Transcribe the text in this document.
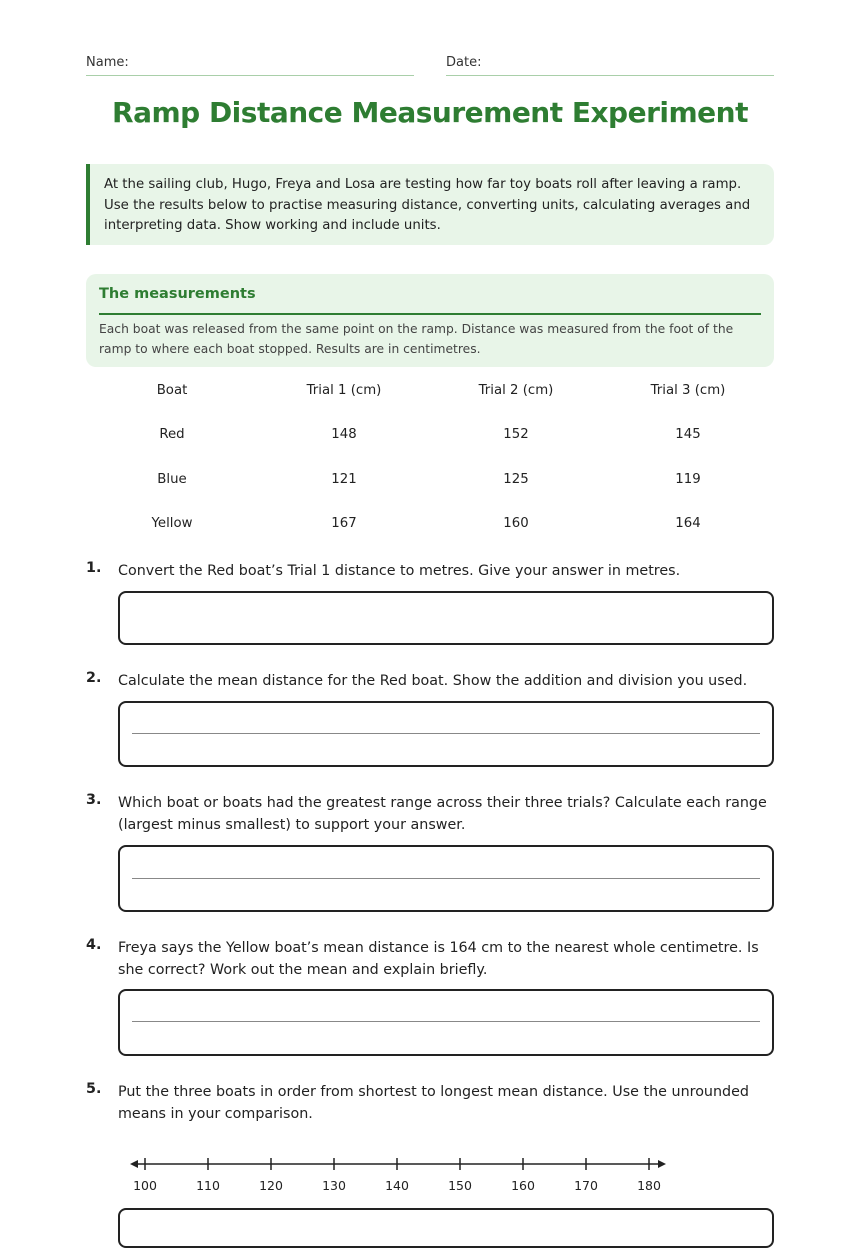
Name:	Date:
Ramp Distance Measurement Experiment
At the sailing club, Hugo, Freya and Losa are testing how far toy boats roll after leaving a ramp. Use the results below to practise measuring distance, converting units, calculating averages and interpreting data. Show working and include units.
The measurements

Each boat was released from the same point on the ramp. Distance was measured from the foot of the ramp to where each boat stopped. Results are in centimetres.

Boat	Trial 1 (cm)	Trial 2 (cm)	Trial 3 (cm)
Red	148	152	145
Blue	121	125	119
Yellow	167	160	164
1. Convert the Red boat’s Trial 1 distance to metres. Give your answer in metres.
2. Calculate the mean distance for the Red boat. Show the addition and division you used.
3. Which boat or boats had the greatest range across their three trials? Calculate each range (largest minus smallest) to support your answer.
4. Freya says the Yellow boat’s mean distance is 164 cm to the nearest whole centimetre. Is she correct? Work out the mean and explain briefly.
5. Put the three boats in order from shortest to longest mean distance. Use the unrounded means in your comparison.
100	110	120	130	140	150	160	170	180
